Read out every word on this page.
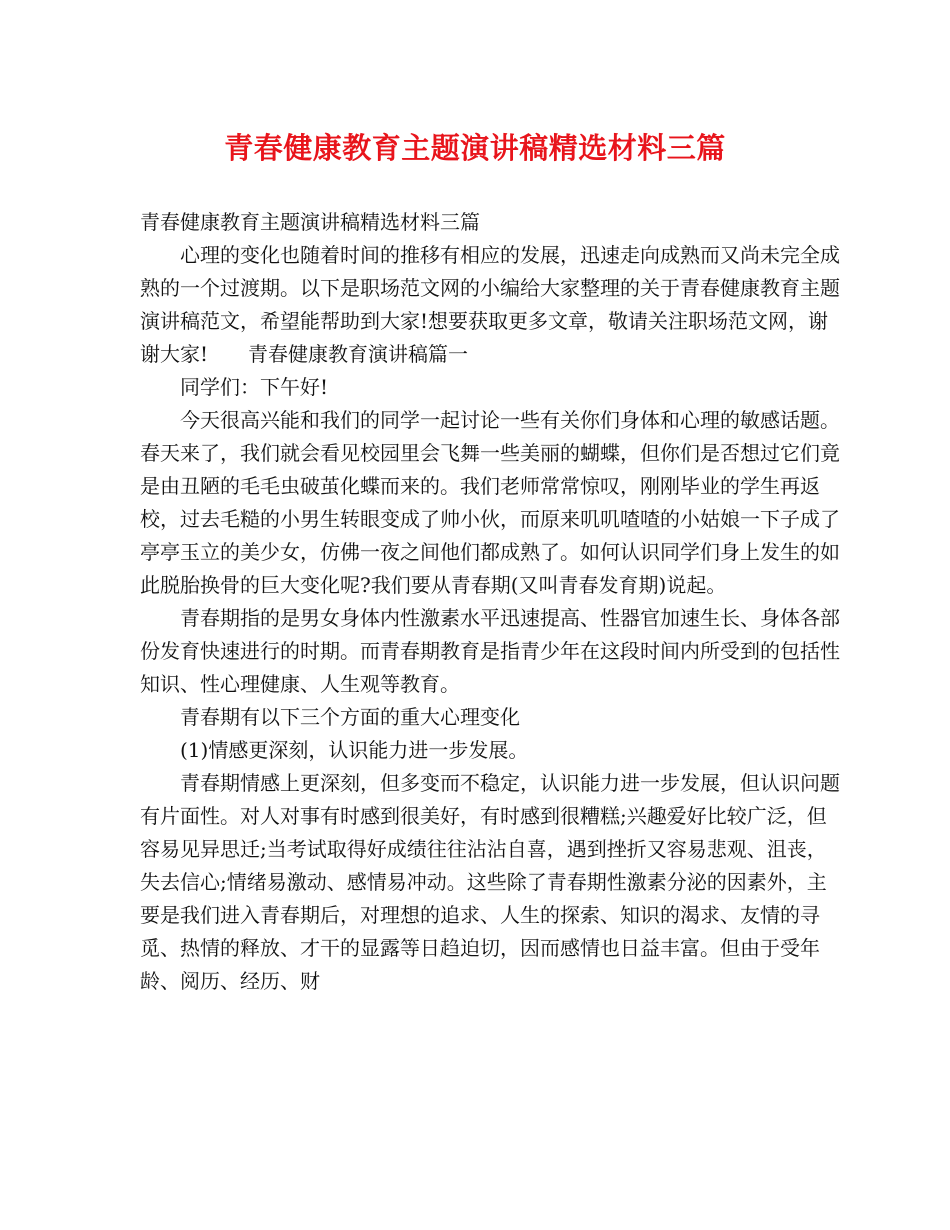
青春健康教育主题演讲稿精选材料三篇

青春健康教育主题演讲稿精选材料三篇

心理的变化也随着时间的推移有相应的发展，迅速走向成熟而又尚未完全成熟的一个过渡期。以下是职场范文网的小编给大家整理的关于青春健康教育主题演讲稿范文，希望能帮助到大家!想要获取更多文章，敬请关注职场范文网，谢谢大家!　　青春健康教育演讲稿篇一

同学们：下午好!

今天很高兴能和我们的同学一起讨论一些有关你们身体和心理的敏感话题。春天来了，我们就会看见校园里会飞舞一些美丽的蝴蝶，但你们是否想过它们竟是由丑陋的毛毛虫破茧化蝶而来的。我们老师常常惊叹，刚刚毕业的学生再返校，过去毛糙的小男生转眼变成了帅小伙，而原来叽叽喳喳的小姑娘一下子成了亭亭玉立的美少女，仿佛一夜之间他们都成熟了。如何认识同学们身上发生的如此脱胎换骨的巨大变化呢?我们要从青春期(又叫青春发育期)说起。

青春期指的是男女身体内性激素水平迅速提高、性器官加速生长、身体各部份发育快速进行的时期。而青春期教育是指青少年在这段时间内所受到的包括性知识、性心理健康、人生观等教育。

青春期有以下三个方面的重大心理变化

(1)情感更深刻，认识能力进一步发展。

青春期情感上更深刻，但多变而不稳定，认识能力进一步发展，但认识问题有片面性。对人对事有时感到很美好，有时感到很糟糕;兴趣爱好比较广泛，但容易见异思迁;当考试取得好成绩往往沾沾自喜，遇到挫折又容易悲观、沮丧，失去信心;情绪易激动、感情易冲动。这些除了青春期性激素分泌的因素外，主要是我们进入青春期后，对理想的追求、人生的探索、知识的渴求、友情的寻觅、热情的释放、才干的显露等日趋迫切，因而感情也日益丰富。但由于受年龄、阅历、经历、财
